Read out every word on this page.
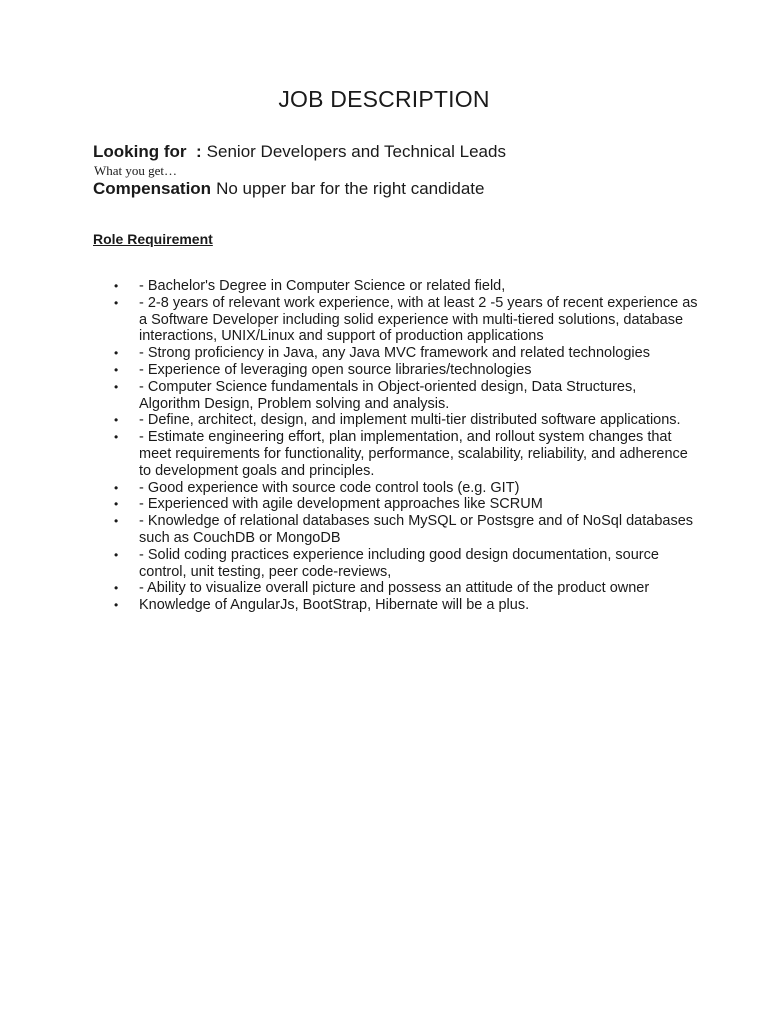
JOB DESCRIPTION
Looking for : Senior Developers and Technical Leads
What you get…
Compensation No upper bar for the right candidate
Role Requirement
• - Bachelor's Degree in Computer Science or related field,
• - 2-8 years of relevant work experience, with at least 2 -5 years of recent experience as a Software Developer including solid experience with multi-tiered solutions, database interactions, UNIX/Linux and support of production applications
• - Strong proficiency in Java, any Java MVC framework and related technologies
• - Experience of leveraging open source libraries/technologies
• - Computer Science fundamentals in Object-oriented design, Data Structures, Algorithm Design, Problem solving and analysis.
• - Define, architect, design, and implement multi-tier distributed software applications.
• - Estimate engineering effort, plan implementation, and rollout system changes that meet requirements for functionality, performance, scalability, reliability, and adherence to development goals and principles.
• - Good experience with source code control tools (e.g. GIT)
• - Experienced with agile development approaches like SCRUM
• - Knowledge of relational databases such MySQL or Postsgre and of NoSql databases such as CouchDB or MongoDB
• - Solid coding practices experience including good design documentation, source control, unit testing, peer code-reviews,
• - Ability to visualize overall picture and possess an attitude of the product owner
• Knowledge of AngularJs, BootStrap, Hibernate will be a plus.
